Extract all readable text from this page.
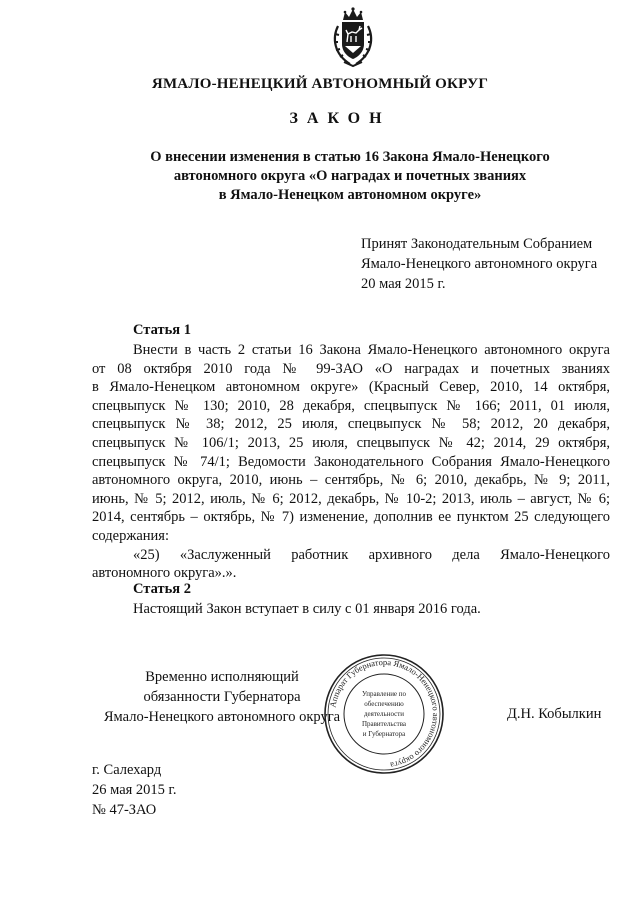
ЯМАЛО-НЕНЕЦКИЙ АВТОНОМНЫЙ ОКРУГ
ЗАКОН
О внесении изменения в статью 16 Закона Ямало-Ненецкого
автономного округа «О наградах и почетных званиях
в Ямало-Ненецком автономном округе»
Принят Законодательным Собранием
Ямало-Ненецкого автономного округа
20 мая 2015 г.
Статья 1
Внести в часть 2 статьи 16 Закона Ямало-Ненецкого автономного округа
от 08 октября 2010 года № 99-ЗАО «О наградах и почетных званиях
в Ямало-Ненецком автономном округе» (Красный Север, 2010, 14 октября,
спецвыпуск № 130; 2010, 28 декабря, спецвыпуск № 166; 2011, 01 июля,
спецвыпуск № 38; 2012, 25 июля, спецвыпуск № 58; 2012, 20 декабря,
спецвыпуск № 106/1; 2013, 25 июля, спецвыпуск № 42; 2014, 29 октября,
спецвыпуск № 74/1; Ведомости Законодательного Собрания Ямало-Ненецкого
автономного округа, 2010, июнь – сентябрь, № 6; 2010, декабрь, № 9; 2011,
июнь, № 5; 2012, июль, № 6; 2012, декабрь, № 10-2; 2013, июль – август, № 6;
2014, сентябрь – октябрь, № 7) изменение, дополнив ее пунктом 25 следующего
содержания:
«25) «Заслуженный работник архивного дела Ямало-Ненецкого
автономного округа».».
Статья 2
Настоящий Закон вступает в силу с 01 января 2016 года.
Временно исполняющий
обязанности Губернатора
Ямало-Ненецкого автономного округа
Аппарат Губернатора Ямало-Ненецкого автономного округа
Управление по
обеспечению
деятельности
Правительства
и Губернатора
Д.Н. Кобылкин
г. Салехард
26 мая 2015 г.
№ 47-ЗАО
